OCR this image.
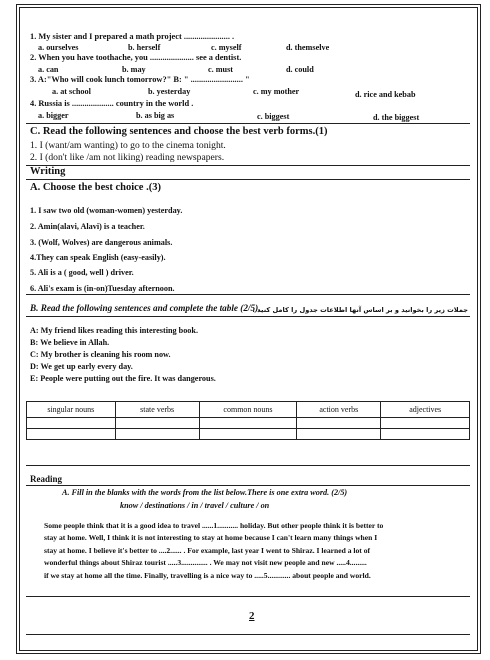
1. My sister and I prepared a math project ...................... .
a. ourselves	b. herself	c. myself	d. themselve
2. When you have toothache, you ..................... see a dentist.
a. can	b. may	c. must	d. could
3. A:"Who will cook lunch tomorrow?" B: " ......................... "
a. at school	b. yesterday	c. my mother	d. rice and kebab
4. Russia is .................... country in the world .
a. bigger	b. as big as	c. biggest	d. the biggest
C. Read the following sentences and choose the best verb forms.(1)
1. I (want/am wanting) to go to the cinema tonight.
2. I (don't like /am not liking) reading newspapers.
Writing
A. Choose the best choice .(3)
1. I saw two old (woman-women) yesterday.
2. Amin(alavi, Alavi) is a teacher.
3. (Wolf, Wolves) are dangerous animals.
4.They can speak English (easy-easily).
5. Ali is a ( good, well ) driver.
6. Ali's exam is (in-on)Tuesday afternoon.
B. Read the following sentences and complete the table (2/5).
جملات زیر را بخوانید و بر اساس آنها اطلاعات جدول را کامل کنید .
A: My friend likes reading this interesting book.
B: We believe in Allah.
C: My brother is cleaning his room now.
D: We get up early every day.
E: People were putting out the fire. It was dangerous.
singular nouns	state verbs	common nouns	action verbs	adjectives

Reading
A. Fill in the blanks with the words from the list below.There is one extra word. (2/5)
know / destinations / in / travel / culture / on
Some people think that it is a good idea to travel ......1........... holiday. But other people think it is better to
stay at home. Well, I think it is not interesting to stay at home because I can't learn many things when I
stay at home. I believe it's better to ....2...... . For example, last year I went to Shiraz. I learned a lot of
wonderful things about Shiraz tourist .....3.............. . We may not visit new people and new .....4.........
if we stay at home all the time. Finally, travelling is a nice way to .....5............ about people and world.
2
